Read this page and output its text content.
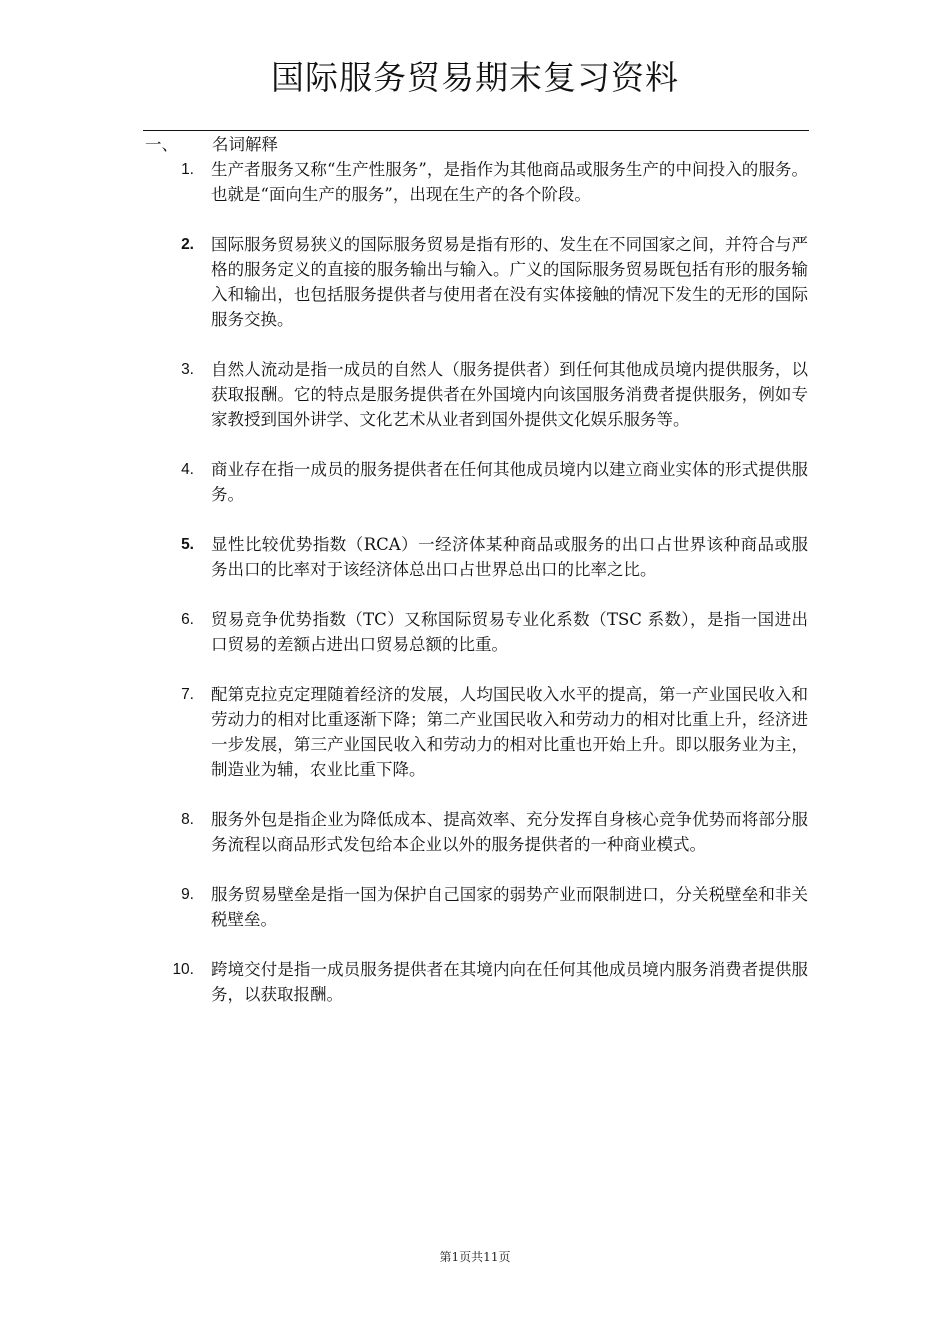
国际服务贸易期末复习资料
一、	名词解释
1. 生产者服务又称“生产性服务”，是指作为其他商品或服务生产的中间投入的服务。也就是“面向生产的服务”，出现在生产的各个阶段。
2. 国际服务贸易狭义的国际服务贸易是指有形的、发生在不同国家之间，并符合与严格的服务定义的直接的服务输出与输入。广义的国际服务贸易既包括有形的服务输入和输出，也包括服务提供者与使用者在没有实体接触的情况下发生的无形的国际服务交换。
3. 自然人流动是指一成员的自然人（服务提供者）到任何其他成员境内提供服务，以获取报酬。它的特点是服务提供者在外国境内向该国服务消费者提供服务，例如专家教授到国外讲学、文化艺术从业者到国外提供文化娱乐服务等。
4. 商业存在指一成员的服务提供者在任何其他成员境内以建立商业实体的形式提供服务。
5. 显性比较优势指数（RCA）一经济体某种商品或服务的出口占世界该种商品或服务出口的比率对于该经济体总出口占世界总出口的比率之比。
6. 贸易竞争优势指数（TC）又称国际贸易专业化系数（TSC 系数），是指一国进出口贸易的差额占进出口贸易总额的比重。
7. 配第克拉克定理随着经济的发展，人均国民收入水平的提高，第一产业国民收入和劳动力的相对比重逐渐下降；第二产业国民收入和劳动力的相对比重上升，经济进一步发展，第三产业国民收入和劳动力的相对比重也开始上升。即以服务业为主，制造业为辅，农业比重下降。
8. 服务外包是指企业为降低成本、提高效率、充分发挥自身核心竞争优势而将部分服务流程以商品形式发包给本企业以外的服务提供者的一种商业模式。
9. 服务贸易壁垒是指一国为保护自己国家的弱势产业而限制进口，分关税壁垒和非关税壁垒。
10. 跨境交付是指一成员服务提供者在其境内向在任何其他成员境内服务消费者提供服务，以获取报酬。
第1页共11页
